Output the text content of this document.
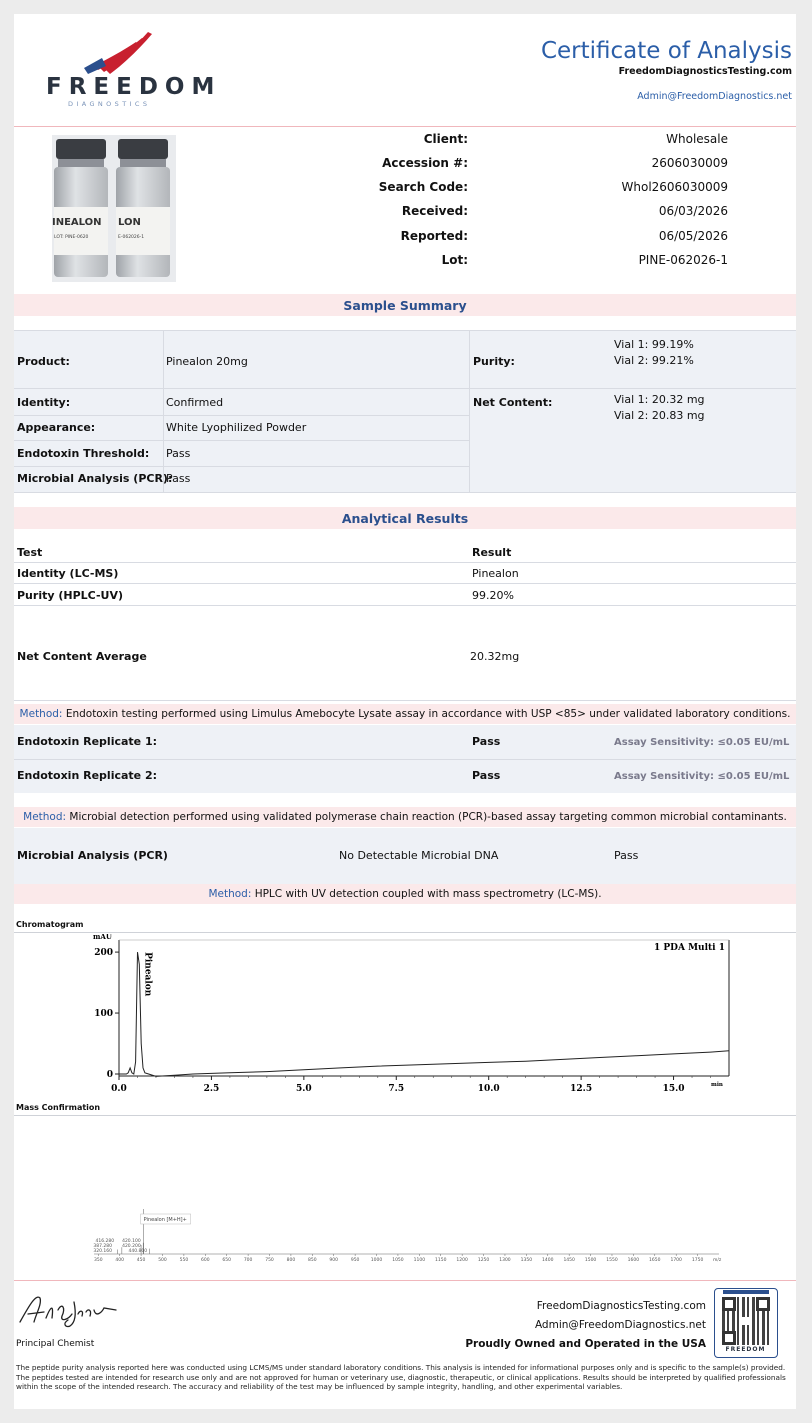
FREEDOM
DIAGNOSTICS
Certificate of Analysis
FreedomDiagnosticsTesting.com
Admin@FreedomDiagnostics.net
INEALON
LOT: PINE-0620
LON
E-062026-1
Client:	Wholesale
Accession #:	2606030009
Search Code:	Whol2606030009
Received:	06/03/2026
Reported:	06/05/2026
Lot:	PINE-062026-1
Sample Summary
Product:	Pinealon 20mg	Purity:
Vial 1: 99.19%
Vial 2: 99.21%
Identity:	Confirmed	Net Content:	Vial 1: 20.32 mg
Vial 2: 20.83 mg
Appearance:	White Lyophilized Powder
Endotoxin Threshold: Pass
Microbial Analysis (PCR):
Pass
Analytical Results
Test	Result
Identity (LC-MS)	Pinealon
Purity (HPLC-UV)	99.20%
Net Content Average	20.32mg
Method: Endotoxin testing performed using Limulus Amebocyte Lysate assay in accordance with USP <85> under validated laboratory conditions.
Endotoxin Replicate 1:	Pass	Assay Sensitivity: ≤0.05 EU/mL
Endotoxin Replicate 2:	Pass	Assay Sensitivity: ≤0.05 EU/mL
Method: Microbial detection performed using validated polymerase chain reaction (PCR)-based assay targeting common microbial contaminants.
Microbial Analysis (PCR)	No Detectable Microbial DNA	Pass
Method: HPLC with UV detection coupled with mass spectrometry (LC-MS).
Chromatogram
0
100
200
0.0	2.5	5.0	7.5	10.0	12.5	15.0
mAU
min
1 PDA Multi 1
Pinealon
Mass Confirmation
350	400	450	500	550	600	650	700	750	800	850	900	950	1000 1050 1100 1150 1200 1250 1300 1350 1400 1450 1500 1550 1600 1650 1700 1750 m/z
416.280
387.280
320.160
420.100
420.200
440.800
Pinealon [M+H]+
Principal Chemist
FreedomDiagnosticsTesting.com
Admin@FreedomDiagnostics.net
Proudly Owned and Operated in the USA	FREEDOM
The peptide purity analysis reported here was conducted using LCMS/MS under standard laboratory conditions. This analysis is intended for informational purposes only and is specific to the sample(s) provided. The peptides tested are intended for research use only and are not approved for human or veterinary use, diagnostic, therapeutic, or clinical applications. Results should be interpreted by qualified professionals within the scope of the intended research. The accuracy and reliability of the test may be influenced by sample integrity, handling, and other experimental variables.
